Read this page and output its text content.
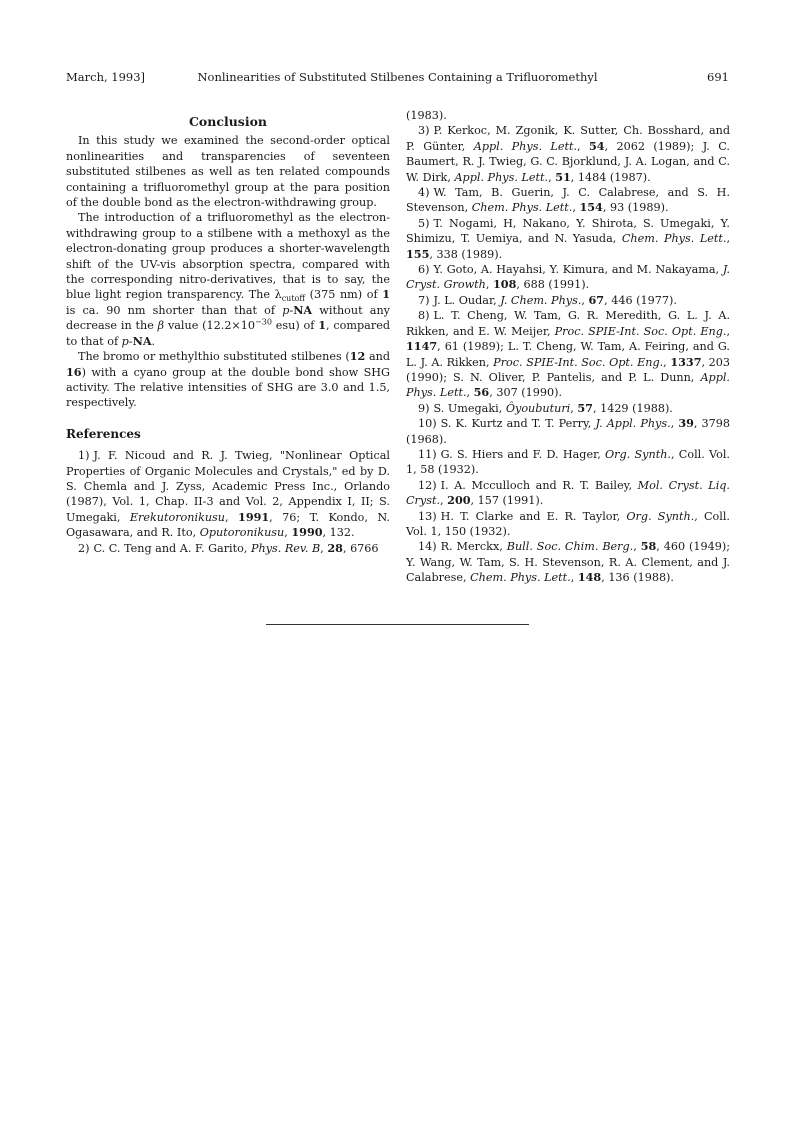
March, 1993]	Nonlinearities of Substituted Stilbenes Containing a Trifluoromethyl	691
Conclusion

In this study we examined the second-order optical nonlinearities and transparencies of seventeen substituted stilbenes as well as ten related compounds containing a trifluoromethyl group at the para position of the double bond as the electron-withdrawing group.

The introduction of a trifluoromethyl as the electron-withdrawing group to a stilbene with a methoxyl as the electron-donating group produces a shorter-wavelength shift of the UV-vis absorption spectra, compared with the corresponding nitro-derivatives, that is to say, the blue light region transparency. The $\lambda_{cutoff}$ (375 nm) of 1 is ca. 90 nm shorter than that of p-NA without any decrease in the β value ($12.2\times 10^{-30}$ esu) of 1, compared to that of p-NA.

The bromo or methylthio substituted stilbenes (12 and 16) with a cyano group at the double bond show SHG activity. The relative intensities of SHG are 3.0 and 1.5, respectively.

References
1) J. F. Nicoud and R. J. Twieg, "Nonlinear Optical Properties of Organic Molecules and Crystals," ed by D. S. Chemla and J. Zyss, Academic Press Inc., Orlando (1987), Vol. 1, Chap. II-3 and Vol. 2, Appendix I, II; S. Umegaki, Erekutoronikusu, 1991, 76; T. Kondo, N. Ogasawara, and R. Ito, Oputoronikusu, 1990, 132.
2) C. C. Teng and A. F. Garito, Phys. Rev. B, 28, 6766
(1983).
3) P. Kerkoc, M. Zgonik, K. Sutter, Ch. Bosshard, and P. Günter, Appl. Phys. Lett., 54, 2062 (1989); J. C. Baumert, R. J. Twieg, G. C. Bjorklund, J. A. Logan, and C. W. Dirk, Appl. Phys. Lett., 51, 1484 (1987).
4) W. Tam, B. Guerin, J. C. Calabrese, and S. H. Stevenson, Chem. Phys. Lett., 154, 93 (1989).
5) T. Nogami, H, Nakano, Y. Shirota, S. Umegaki, Y. Shimizu, T. Uemiya, and N. Yasuda, Chem. Phys. Lett., 155, 338 (1989).
6) Y. Goto, A. Hayahsi, Y. Kimura, and M. Nakayama, J. Cryst. Growth, 108, 688 (1991).
7) J. L. Oudar, J. Chem. Phys., 67, 446 (1977).
8) L. T. Cheng, W. Tam, G. R. Meredith, G. L. J. A. Rikken, and E. W. Meijer, Proc. SPIE-Int. Soc. Opt. Eng., 1147, 61 (1989); L. T. Cheng, W. Tam, A. Feiring, and G. L. J. A. Rikken, Proc. SPIE-Int. Soc. Opt. Eng., 1337, 203 (1990); S. N. Oliver, P. Pantelis, and P. L. Dunn, Appl. Phys. Lett., 56, 307 (1990).
9) S. Umegaki, Ôyoubuturi, 57, 1429 (1988).
10) S. K. Kurtz and T. T. Perry, J. Appl. Phys., 39, 3798 (1968).
11) G. S. Hiers and F. D. Hager, Org. Synth., Coll. Vol. 1, 58 (1932).
12) I. A. Mcculloch and R. T. Bailey, Mol. Cryst. Liq. Cryst., 200, 157 (1991).
13) H. T. Clarke and E. R. Taylor, Org. Synth., Coll. Vol. 1, 150 (1932).
14) R. Merckx, Bull. Soc. Chim. Berg., 58, 460 (1949); Y. Wang, W. Tam, S. H. Stevenson, R. A. Clement, and J. Calabrese, Chem. Phys. Lett., 148, 136 (1988).
